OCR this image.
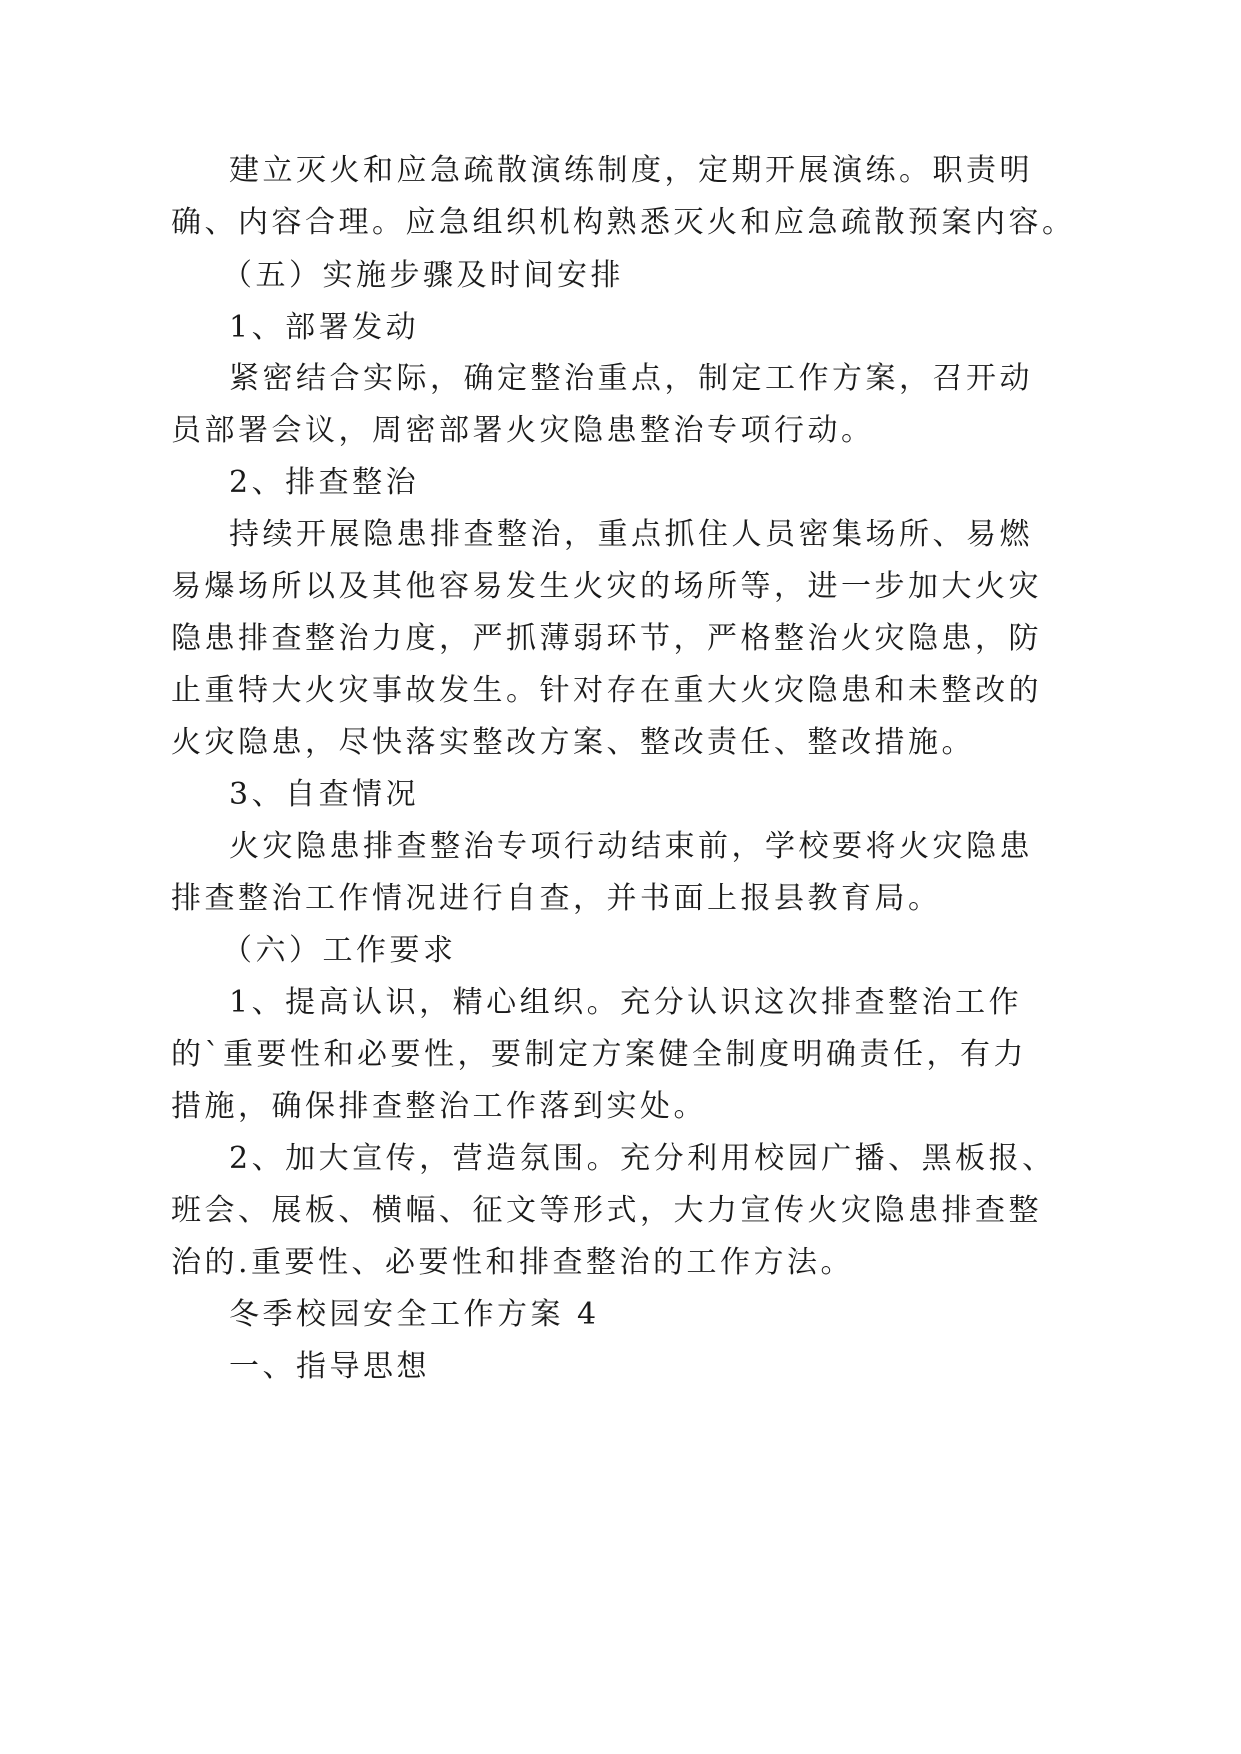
建立灭火和应急疏散演练制度，定期开展演练。职责明
确、内容合理。应急组织机构熟悉灭火和应急疏散预案内容。
（五）实施步骤及时间安排
1、部署发动
紧密结合实际，确定整治重点，制定工作方案，召开动
员部署会议，周密部署火灾隐患整治专项行动。
2、排查整治
持续开展隐患排查整治，重点抓住人员密集场所、易燃
易爆场所以及其他容易发生火灾的场所等，进一步加大火灾
隐患排查整治力度，严抓薄弱环节，严格整治火灾隐患，防
止重特大火灾事故发生。针对存在重大火灾隐患和未整改的
火灾隐患，尽快落实整改方案、整改责任、整改措施。
3、自查情况
火灾隐患排查整治专项行动结束前，学校要将火灾隐患
排查整治工作情况进行自查，并书面上报县教育局。
（六）工作要求
1、提高认识，精心组织。充分认识这次排查整治工作
的`重要性和必要性，要制定方案健全制度明确责任，有力
措施，确保排查整治工作落到实处。
2、加大宣传，营造氛围。充分利用校园广播、黑板报、
班会、展板、横幅、征文等形式，大力宣传火灾隐患排查整
治的.重要性、必要性和排查整治的工作方法。
冬季校园安全工作方案 4
一、指导思想
